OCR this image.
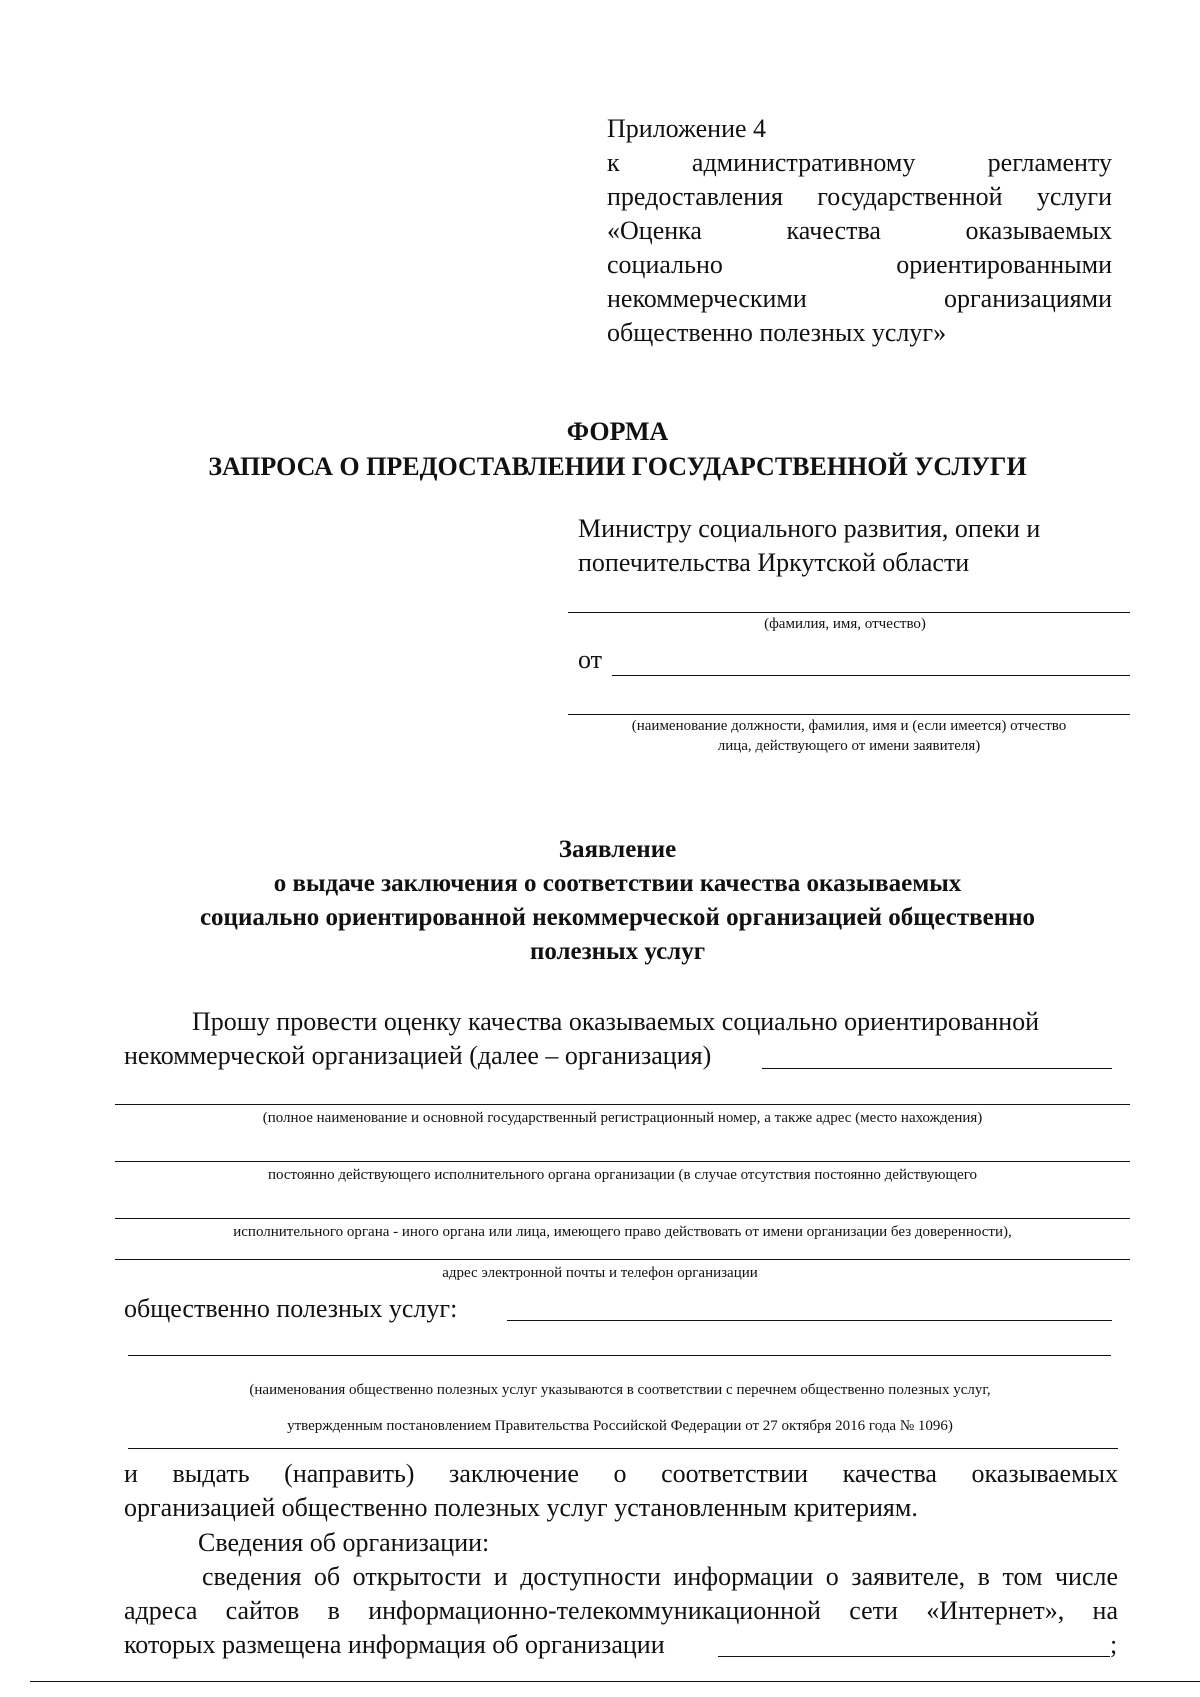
Приложение 4
к административному регламенту
предоставления государственной услуги
«Оценка качества оказываемых
социально ориентированными
некоммерческими организациями
общественно полезных услуг»
ФОРМА
ЗАПРОСА О ПРЕДОСТАВЛЕНИИ ГОСУДАРСТВЕННОЙ УСЛУГИ
Министру социального развития, опеки и
попечительства Иркутской области
(фамилия, имя, отчество)
от
(наименование должности, фамилия, имя и (если имеется) отчество
лица, действующего от имени заявителя)
Заявление
о выдаче заключения о соответствии качества оказываемых
социально ориентированной некоммерческой организацией общественно
полезных услуг
Прошу провести оценку качества оказываемых социально ориентированной
некоммерческой организацией (далее – организация)
(полное наименование и основной государственный регистрационный номер, а также адрес (место нахождения)
постоянно действующего исполнительного органа организации (в случае отсутствия постоянно действующего
исполнительного органа - иного органа или лица, имеющего право действовать от имени организации без доверенности),
адрес электронной почты и телефон организации
общественно полезных услуг:
(наименования общественно полезных услуг указываются в соответствии с перечнем общественно полезных услуг,
утвержденным постановлением Правительства Российской Федерации от 27 октября 2016 года № 1096)
и выдать (направить) заключение о соответствии качества оказываемых
организацией общественно полезных услуг установленным критериям.
Сведения об организации:
сведения об открытости и доступности информации о заявителе, в том числе
адреса сайтов в информационно-телекоммуникационной сети «Интернет», на
которых размещена информация об организации	;
